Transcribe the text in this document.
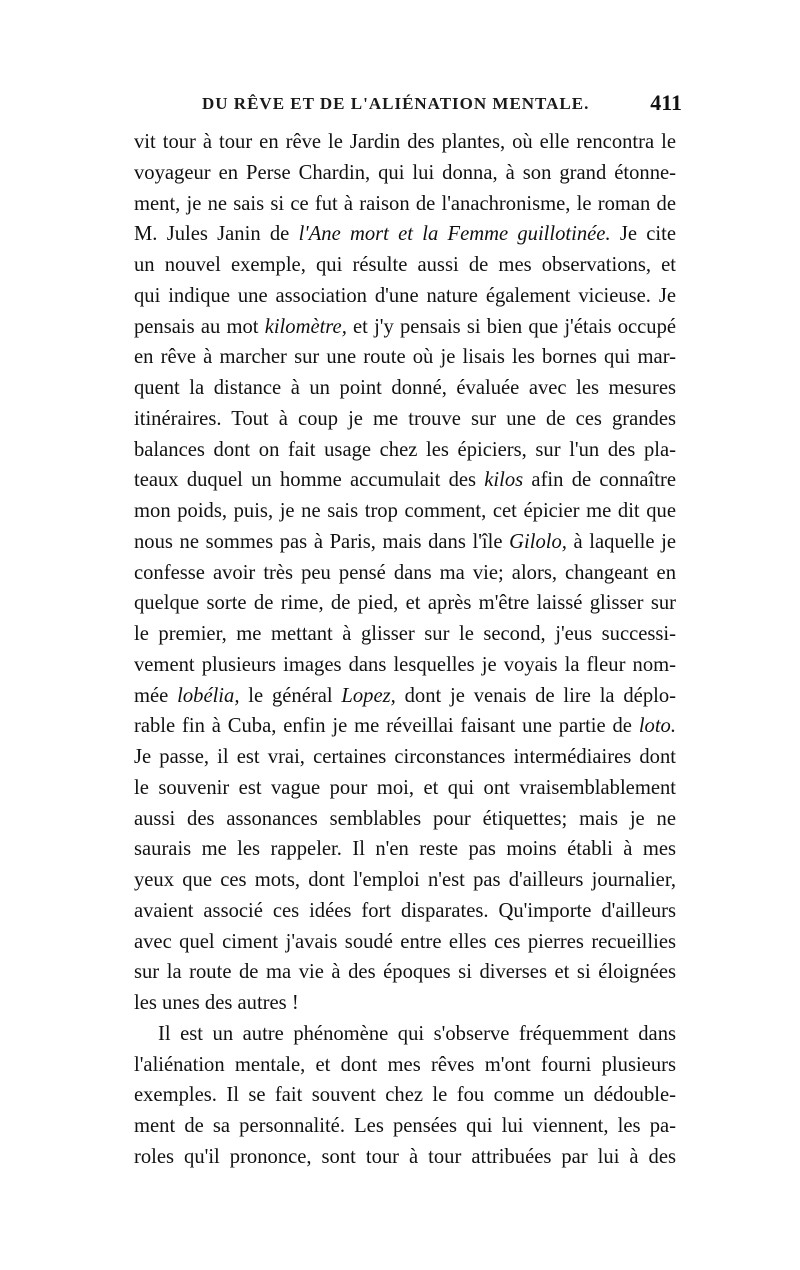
DU RÊVE ET DE L'ALIÉNATION MENTALE.	411
vit tour à tour en rêve le Jardin des plantes, où elle rencontra le
voyageur en Perse Chardin, qui lui donna, à son grand étonne-
ment, je ne sais si ce fut à raison de l'anachronisme, le roman de
M. Jules Janin de l'Ane mort et la Femme guillotinée. Je cite
un nouvel exemple, qui résulte aussi de mes observations, et
qui indique une association d'une nature également vicieuse. Je
pensais au mot kilomètre, et j'y pensais si bien que j'étais occupé
en rêve à marcher sur une route où je lisais les bornes qui mar-
quent la distance à un point donné, évaluée avec les mesures
itinéraires. Tout à coup je me trouve sur une de ces grandes
balances dont on fait usage chez les épiciers, sur l'un des pla-
teaux duquel un homme accumulait des kilos afin de connaître
mon poids, puis, je ne sais trop comment, cet épicier me dit que
nous ne sommes pas à Paris, mais dans l'île Gilolo, à laquelle je
confesse avoir très peu pensé dans ma vie; alors, changeant en
quelque sorte de rime, de pied, et après m'être laissé glisser sur
le premier, me mettant à glisser sur le second, j'eus successi-
vement plusieurs images dans lesquelles je voyais la fleur nom-
mée lobélia, le général Lopez, dont je venais de lire la déplo-
rable fin à Cuba, enfin je me réveillai faisant une partie de loto.
Je passe, il est vrai, certaines circonstances intermédiaires dont
le souvenir est vague pour moi, et qui ont vraisemblablement
aussi des assonances semblables pour étiquettes; mais je ne
saurais me les rappeler. Il n'en reste pas moins établi à mes
yeux que ces mots, dont l'emploi n'est pas d'ailleurs journalier,
avaient associé ces idées fort disparates. Qu'importe d'ailleurs
avec quel ciment j'avais soudé entre elles ces pierres recueillies
sur la route de ma vie à des époques si diverses et si éloignées
les unes des autres !
Il est un autre phénomène qui s'observe fréquemment dans
l'aliénation mentale, et dont mes rêves m'ont fourni plusieurs
exemples. Il se fait souvent chez le fou comme un dédouble-
ment de sa personnalité. Les pensées qui lui viennent, les pa-
roles qu'il prononce, sont tour à tour attribuées par lui à des
